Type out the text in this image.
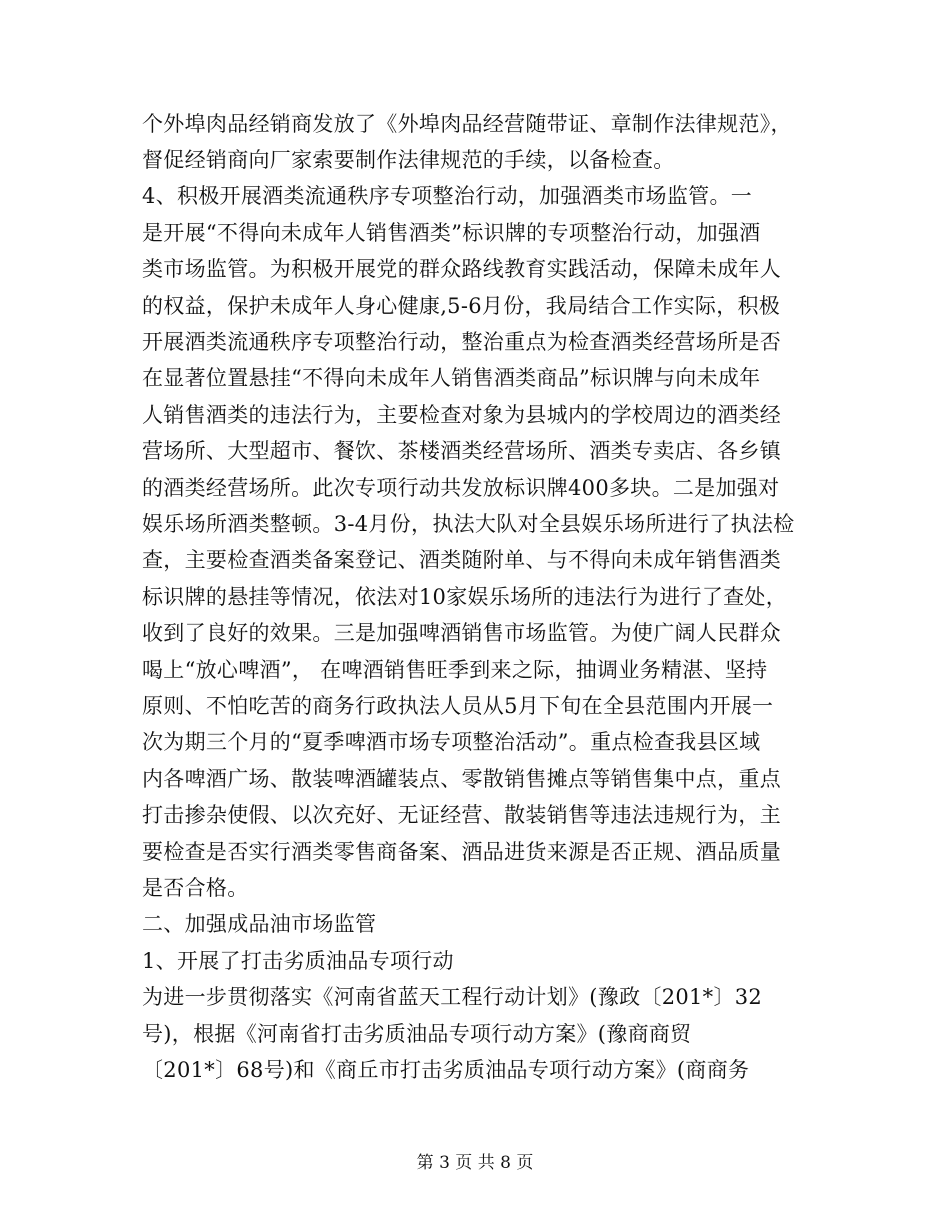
个外埠肉品经销商发放了《外埠肉品经营随带证、章制作法律规范》，
督促经销商向厂家索要制作法律规范的手续，以备检查。
4、积极开展酒类流通秩序专项整治行动，加强酒类市场监管。一
是开展“不得向未成年人销售酒类”标识牌的专项整治行动，加强酒
类市场监管。为积极开展党的群众路线教育实践活动，保障未成年人
的权益，保护未成年人身心健康,5-6月份，我局结合工作实际，积极
开展酒类流通秩序专项整治行动，整治重点为检查酒类经营场所是否
在显著位置悬挂“不得向未成年人销售酒类商品”标识牌与向未成年
人销售酒类的违法行为，主要检查对象为县城内的学校周边的酒类经
营场所、大型超市、餐饮、茶楼酒类经营场所、酒类专卖店、各乡镇
的酒类经营场所。此次专项行动共发放标识牌400多块。二是加强对
娱乐场所酒类整顿。3-4月份，执法大队对全县娱乐场所进行了执法检
查，主要检查酒类备案登记、酒类随附单、与不得向未成年销售酒类
标识牌的悬挂等情况，依法对10家娱乐场所的违法行为进行了查处，
收到了良好的效果。三是加强啤酒销售市场监管。为使广阔人民群众
喝上“放心啤酒”， 在啤酒销售旺季到来之际，抽调业务精湛、坚持
原则、不怕吃苦的商务行政执法人员从5月下旬在全县范围内开展一
次为期三个月的“夏季啤酒市场专项整治活动”。重点检查我县区域
内各啤酒广场、散装啤酒罐装点、零散销售摊点等销售集中点，重点
打击掺杂使假、以次充好、无证经营、散装销售等违法违规行为，主
要检查是否实行酒类零售商备案、酒品进货来源是否正规、酒品质量
是否合格。
二、加强成品油市场监管
1、开展了打击劣质油品专项行动
为进一步贯彻落实《河南省蓝天工程行动计划》(豫政〔201*〕32
号)，根据《河南省打击劣质油品专项行动方案》(豫商商贸
〔201*〕68号)和《商丘市打击劣质油品专项行动方案》(商商务
第 3 页 共 8 页
